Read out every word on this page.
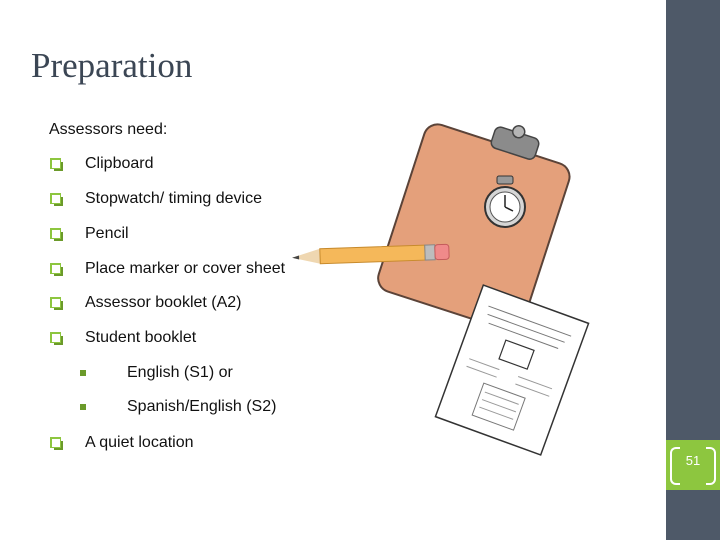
51
Preparation
Assessors need:
Clipboard
Stopwatch/ timing device
Pencil
Place marker or cover sheet
Assessor booklet (A2)
Student booklet
English (S1) or
Spanish/English (S2)
A quiet location
